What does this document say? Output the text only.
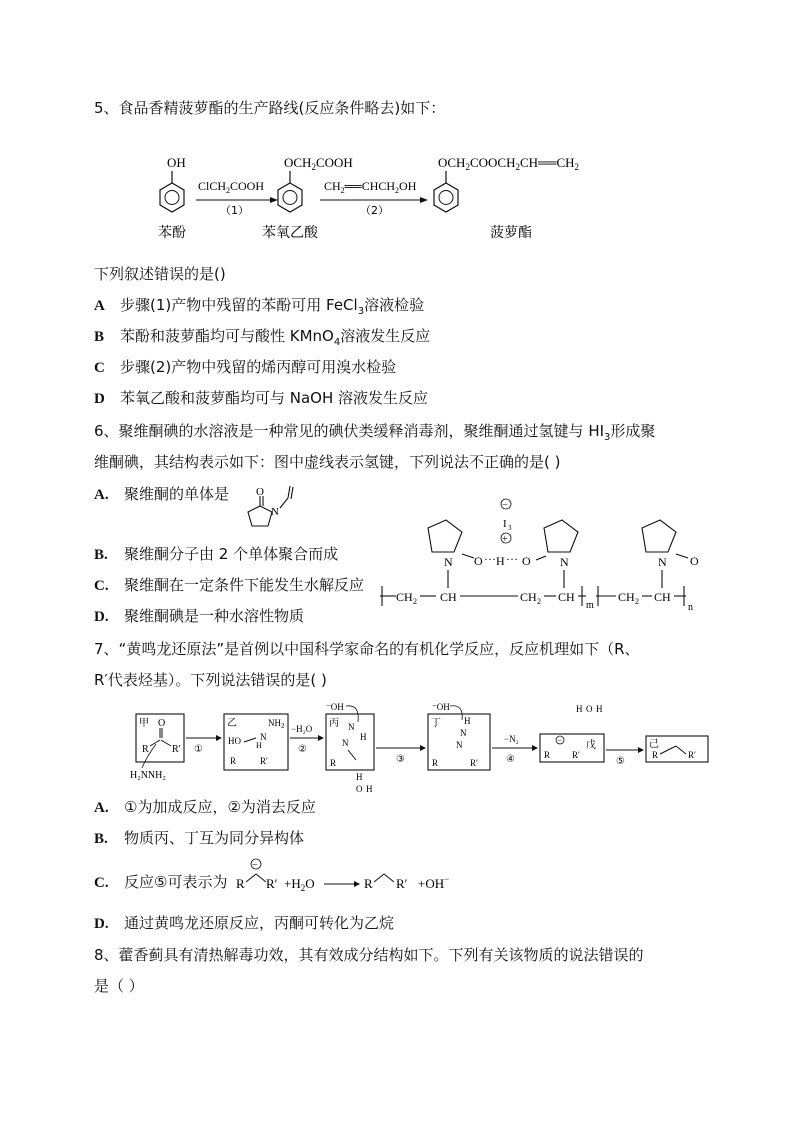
5、食品香精菠萝酯的生产路线(反应条件略去)如下：
OH
ClCH$_2$COOH
（1）
$OCH_2COOH$
$CH_2══CHCH_2OH$
（2）
$OCH_2COOCH_2CH══CH_2$
苯酚	苯氧乙酸	菠萝酯
下列叙述错误的是()
A 步骤(1)产物中残留的苯酚可用 FeCl$_3$溶液检验
B 苯酚和菠萝酯均可与酸性 KMnO$_4$溶液发生反应
C 步骤(2)产物中残留的烯丙醇可用溴水检验
D 苯氧乙酸和菠萝酯均可与 NaOH 溶液发生反应
6、聚维酮碘的水溶液是一种常见的碘伏类缓释消毒剂，聚维酮通过氢键与 $HI_3$形成聚
维酮碘，其结构表示如下：图中虚线表示氢键，下列说法不正确的是( )
A. 聚维酮的单体是 O
N
B. 聚维酮分子由 2 个单体聚合而成
C. 聚维酮在一定条件下能发生水解反应
D. 聚维酮碘是一种水溶性物质
−
I 3
+
N O ··· H ···	N
O	N O
CH 2 CH	CH 2 CH
m
CH 2 CH
n
7、“黄鸣龙还原法”是首例以中国科学家命名的有机化学反应，反应机理如下（R、
R′代表烃基）。下列说法错误的是( )
甲 O
R R′
H₂NNH₂
①
乙	$NH_2$
HO N
H
R	R′
−H₂O
②
⁻OH
丙 N
H
N
R
H
O H
③
⁻OH
丁	H
N
N
R	R′
−N₂
④
H O H
R
−
R′
戊
⑤
己
R	R′
A. ①为加成反应，②为消去反应
B. 物质丙、丁互为同分异构体
C. 反应⑤可表示为 R
−
$R' +H_2O$	R R′ +OH−
D. 通过黄鸣龙还原反应，丙酮可转化为乙烷
8、藿香蓟具有清热解毒功效，其有效成分结构如下。下列有关该物质的说法错误的
是（ ）
